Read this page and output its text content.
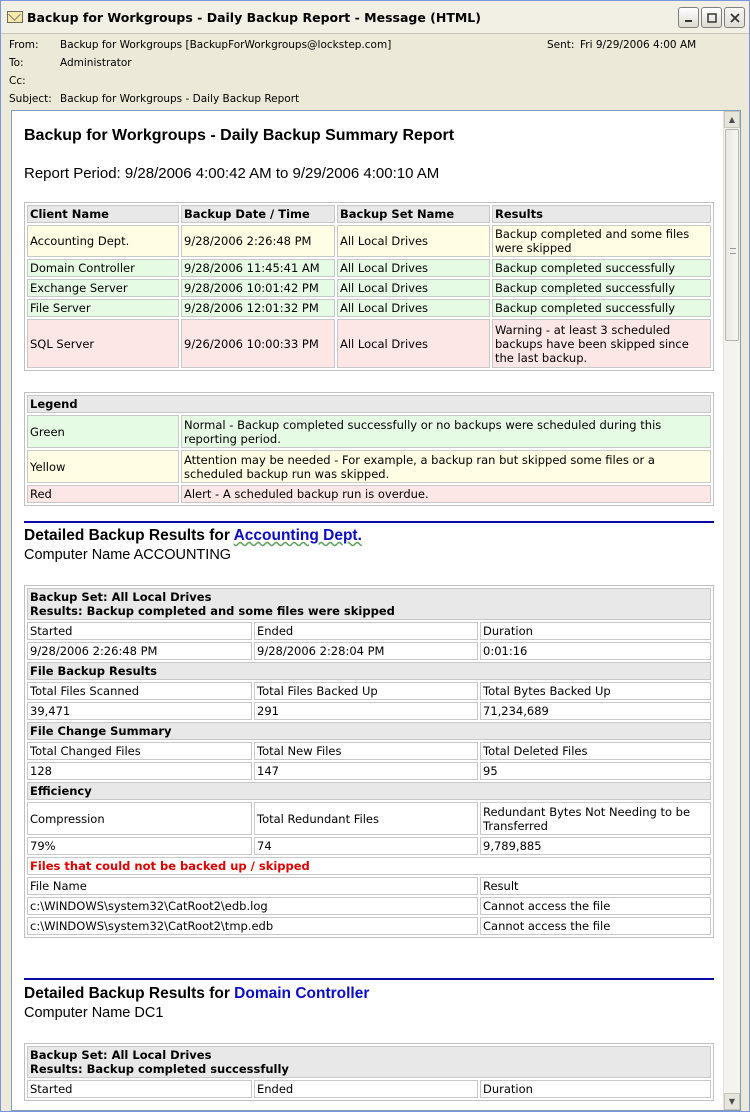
Backup for Workgroups - Daily Backup Report - Message (HTML)
From:	Backup for Workgroups [BackupForWorkgroups@lockstep.com]
To:	Administrator
Cc:
Subject: Backup for Workgroups - Daily Backup Report
Sent: Fri 9/29/2006 4:00 AM
▲
▼
Backup for Workgroups - Daily Backup Summary Report
Report Period: 9/28/2006 4:00:42 AM to 9/29/2006 4:00:10 AM
Client Name	Backup Date / Time	Backup Set Name	Results
Accounting Dept.	9/28/2006 2:26:48 PM	All Local Drives	Backup completed and some files were skipped
Domain Controller	9/28/2006 11:45:41 AM	All Local Drives	Backup completed successfully
Exchange Server	9/28/2006 10:01:42 PM	All Local Drives	Backup completed successfully
File Server	9/28/2006 12:01:32 PM	All Local Drives	Backup completed successfully
SQL Server	9/26/2006 10:00:33 PM	All Local Drives	Warning - at least 3 scheduled backups have been skipped since the last backup.
Legend	
Green	Normal - Backup completed successfully or no backups were scheduled during this reporting period.
Yellow	Attention may be needed - For example, a backup ran but skipped some files or a scheduled backup run was skipped.
Red	Alert - A scheduled backup run is overdue.
Detailed Backup Results for Accounting Dept.
Computer Name ACCOUNTING
Backup Set: All Local Drives
Results: Backup completed and some files were skipped		

Started	Ended	Duration
9/28/2006 2:26:48 PM	9/28/2006 2:28:04 PM	0:01:16
File Backup Results		
Total Files Scanned	Total Files Backed Up	Total Bytes Backed Up
39,471	291	71,234,689
File Change Summary		
Total Changed Files	Total New Files	Total Deleted Files
128	147	95
Efficiency		
Compression	Total Redundant Files	Redundant Bytes Not Needing to be Transferred
79%	74	9,789,885
Files that could not be backed up / skipped		
File Name		Result
c:\WINDOWS\system32\CatRoot2\edb.log		Cannot access the file
c:\WINDOWS\system32\CatRoot2\tmp.edb		Cannot access the file
Detailed Backup Results for Domain Controller
Computer Name DC1
Backup Set: All Local Drives
Results: Backup completed successfully

Started	Ended	Duration
